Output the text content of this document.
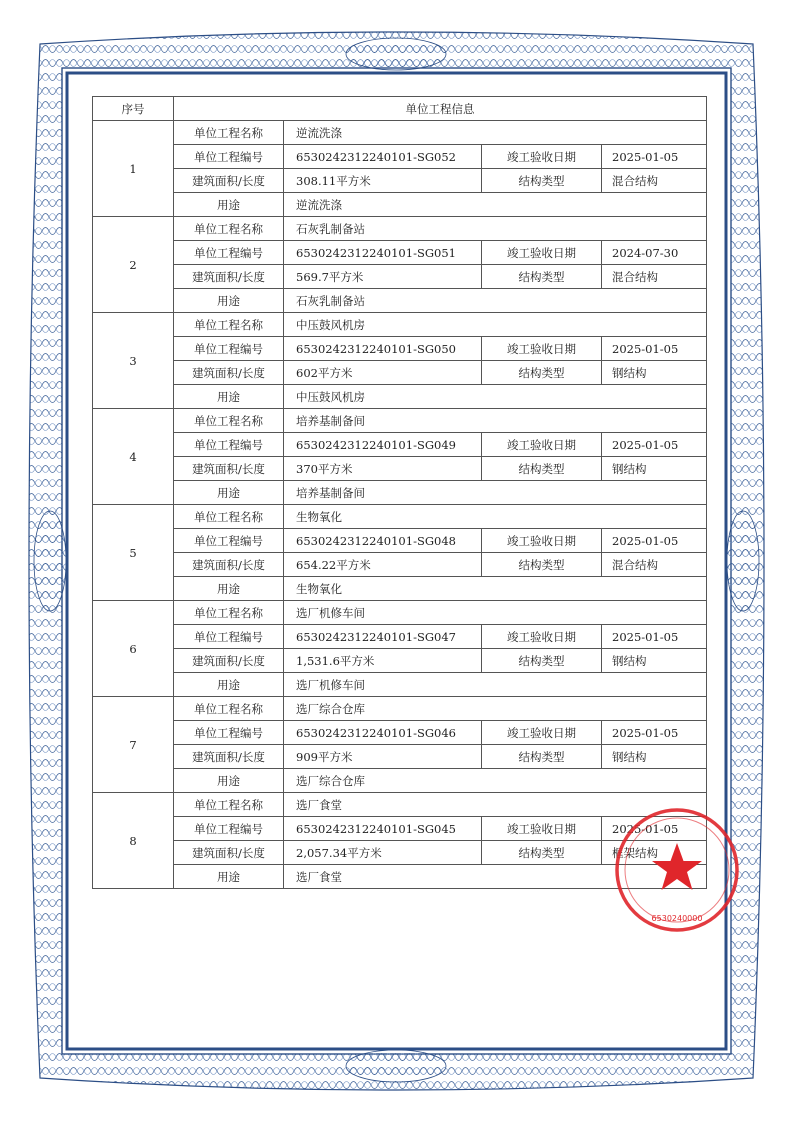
序号	单位工程信息			
1	单位工程名称	逆流洗涤		
	单位工程编号	6530242312240101-SG052	竣工验收日期	2025-01-05
	建筑面积/长度	308.11平方米	结构类型	混合结构
	用途	逆流洗涤		
2	单位工程名称	石灰乳制备站		
	单位工程编号	6530242312240101-SG051	竣工验收日期	2024-07-30
	建筑面积/长度	569.7平方米	结构类型	混合结构
	用途	石灰乳制备站		
3	单位工程名称	中压鼓风机房		
	单位工程编号	6530242312240101-SG050	竣工验收日期	2025-01-05
	建筑面积/长度	602平方米	结构类型	钢结构
	用途	中压鼓风机房		
4	单位工程名称	培养基制备间		
	单位工程编号	6530242312240101-SG049	竣工验收日期	2025-01-05
	建筑面积/长度	370平方米	结构类型	钢结构
	用途	培养基制备间		
5	单位工程名称	生物氧化		
	单位工程编号	6530242312240101-SG048	竣工验收日期	2025-01-05
	建筑面积/长度	654.22平方米	结构类型	混合结构
	用途	生物氧化		
6	单位工程名称	选厂机修车间		
	单位工程编号	6530242312240101-SG047	竣工验收日期	2025-01-05
	建筑面积/长度	1,531.6平方米	结构类型	钢结构
	用途	选厂机修车间		
7	单位工程名称	选厂综合仓库		
	单位工程编号	6530242312240101-SG046	竣工验收日期	2025-01-05
	建筑面积/长度	909平方米	结构类型	钢结构
	用途	选厂综合仓库		
8	单位工程名称	选厂食堂		
	单位工程编号	6530242312240101-SG045	竣工验收日期	2025-01-05
	建筑面积/长度	2,057.34平方米	结构类型	框架结构
	用途	选厂食堂		
6530240000
